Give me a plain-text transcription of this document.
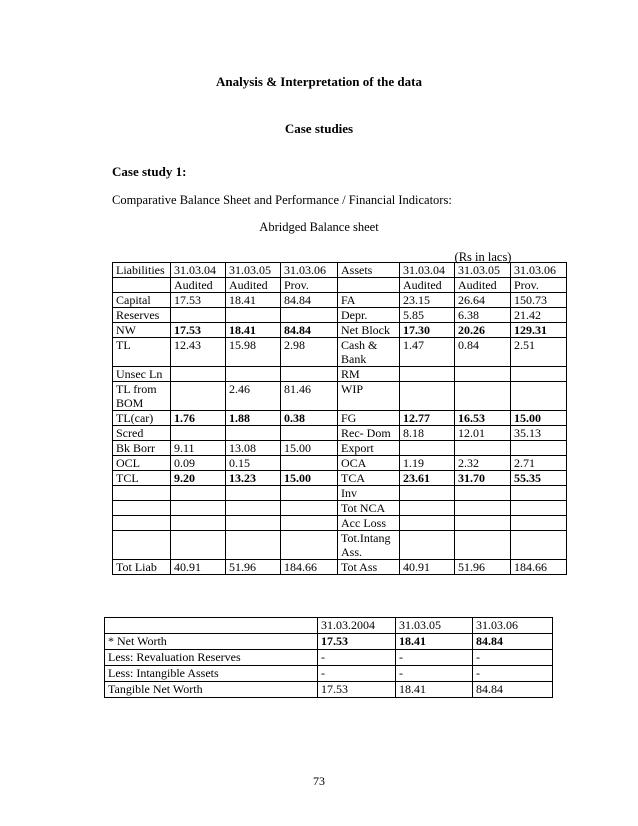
Analysis & Interpretation of the data
Case studies
Case study 1:
Comparative Balance Sheet and Performance / Financial Indicators:
Abridged Balance sheet
(Rs in lacs)
Liabilities	31.03.04	31.03.05	31.03.06	Assets	31.03.04	31.03.05	31.03.06
	Audited	Audited	Prov.		Audited	Audited	Prov.
Capital	17.53	18.41	84.84	FA	23.15	26.64	150.73
Reserves				Depr.	5.85	6.38	21.42
NW	17.53	18.41	84.84	Net Block	17.30	20.26	129.31
TL	12.43	15.98	2.98	Cash & Bank	1.47	0.84	2.51
Unsec Ln				RM			
TL from BOM		2.46	81.46	WIP			
TL(car)	1.76	1.88	0.38	FG	12.77	16.53	15.00
Scred				Rec- Dom	8.18	12.01	35.13
Bk Borr	9.11	13.08	15.00	Export			
OCL	0.09	0.15		OCA	1.19	2.32	2.71
TCL	9.20	13.23	15.00	TCA	23.61	31.70	55.35
				Inv			
				Tot NCA			
				Acc Loss			
				Tot.Intang Ass.			
Tot Liab	40.91	51.96	184.66	Tot Ass	40.91	51.96	184.66
	31.03.2004	31.03.05	31.03.06
* Net Worth	17.53	18.41	84.84
Less: Revaluation Reserves	-	-	-
Less: Intangible Assets	-	-	-
Tangible Net Worth	17.53	18.41	84.84
73
